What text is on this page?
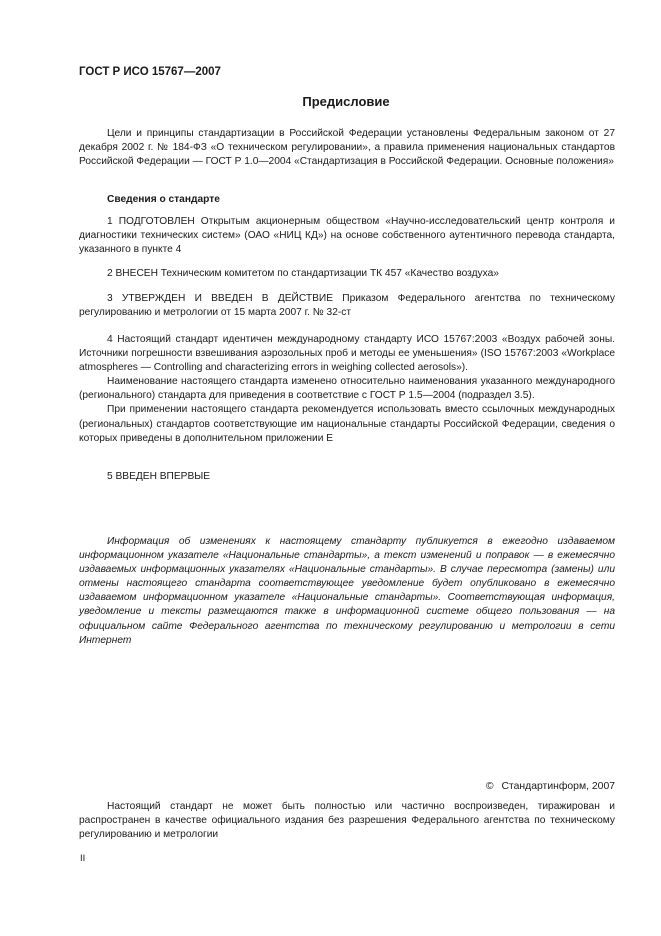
ГОСТ Р ИСО 15767—2007
Предисловие

Цели и принципы стандартизации в Российской Федерации установлены Федеральным законом от 27 декабря 2002 г. № 184-ФЗ «О техническом регулировании», а правила применения национальных стандартов Российской Федерации — ГОСТ Р 1.0—2004 «Стандартизация в Российской Федерации. Основные положения»

Сведения о стандарте

1 ПОДГОТОВЛЕН Открытым акционерным обществом «Научно-исследовательский центр контроля и диагностики технических систем» (ОАО «НИЦ КД») на основе собственного аутентичного перевода стандарта, указанного в пункте 4

2 ВНЕСЕН Техническим комитетом по стандартизации ТК 457 «Качество воздуха»

3 УТВЕРЖДЕН И ВВЕДЕН В ДЕЙСТВИЕ Приказом Федерального агентства по техническому регулированию и метрологии от 15 марта 2007 г. № 32-ст

4 Настоящий стандарт идентичен международному стандарту ИСО 15767:2003 «Воздух рабочей зоны. Источники погрешности взвешивания аэрозольных проб и методы ее уменьшения» (ISO 15767:2003 «Workplace atmospheres — Controlling and characterizing errors in weighing collected aerosols»).

Наименование настоящего стандарта изменено относительно наименования указанного международного (регионального) стандарта для приведения в соответствие с ГОСТ Р 1.5—2004 (подраздел 3.5).

При применении настоящего стандарта рекомендуется использовать вместо ссылочных международных (региональных) стандартов соответствующие им национальные стандарты Российской Федерации, сведения о которых приведены в дополнительном приложении Е

5 ВВЕДЕН ВПЕРВЫЕ

Информация об изменениях к настоящему стандарту публикуется в ежегодно издаваемом информационном указателе «Национальные стандарты», а текст изменений и поправок — в ежемесячно издаваемых информационных указателях «Национальные стандарты». В случае пересмотра (замены) или отмены настоящего стандарта соответствующее уведомление будет опубликовано в ежемесячно издаваемом информационном указателе «Национальные стандарты». Соответствующая информация, уведомление и тексты размещаются также в информационной системе общего пользования — на официальном сайте Федерального агентства по техническому регулированию и метрологии в сети Интернет

© Стандартинформ, 2007

Настоящий стандарт не может быть полностью или частично воспроизведен, тиражирован и распространен в качестве официального издания без разрешения Федерального агентства по техническому регулированию и метрологии

II
